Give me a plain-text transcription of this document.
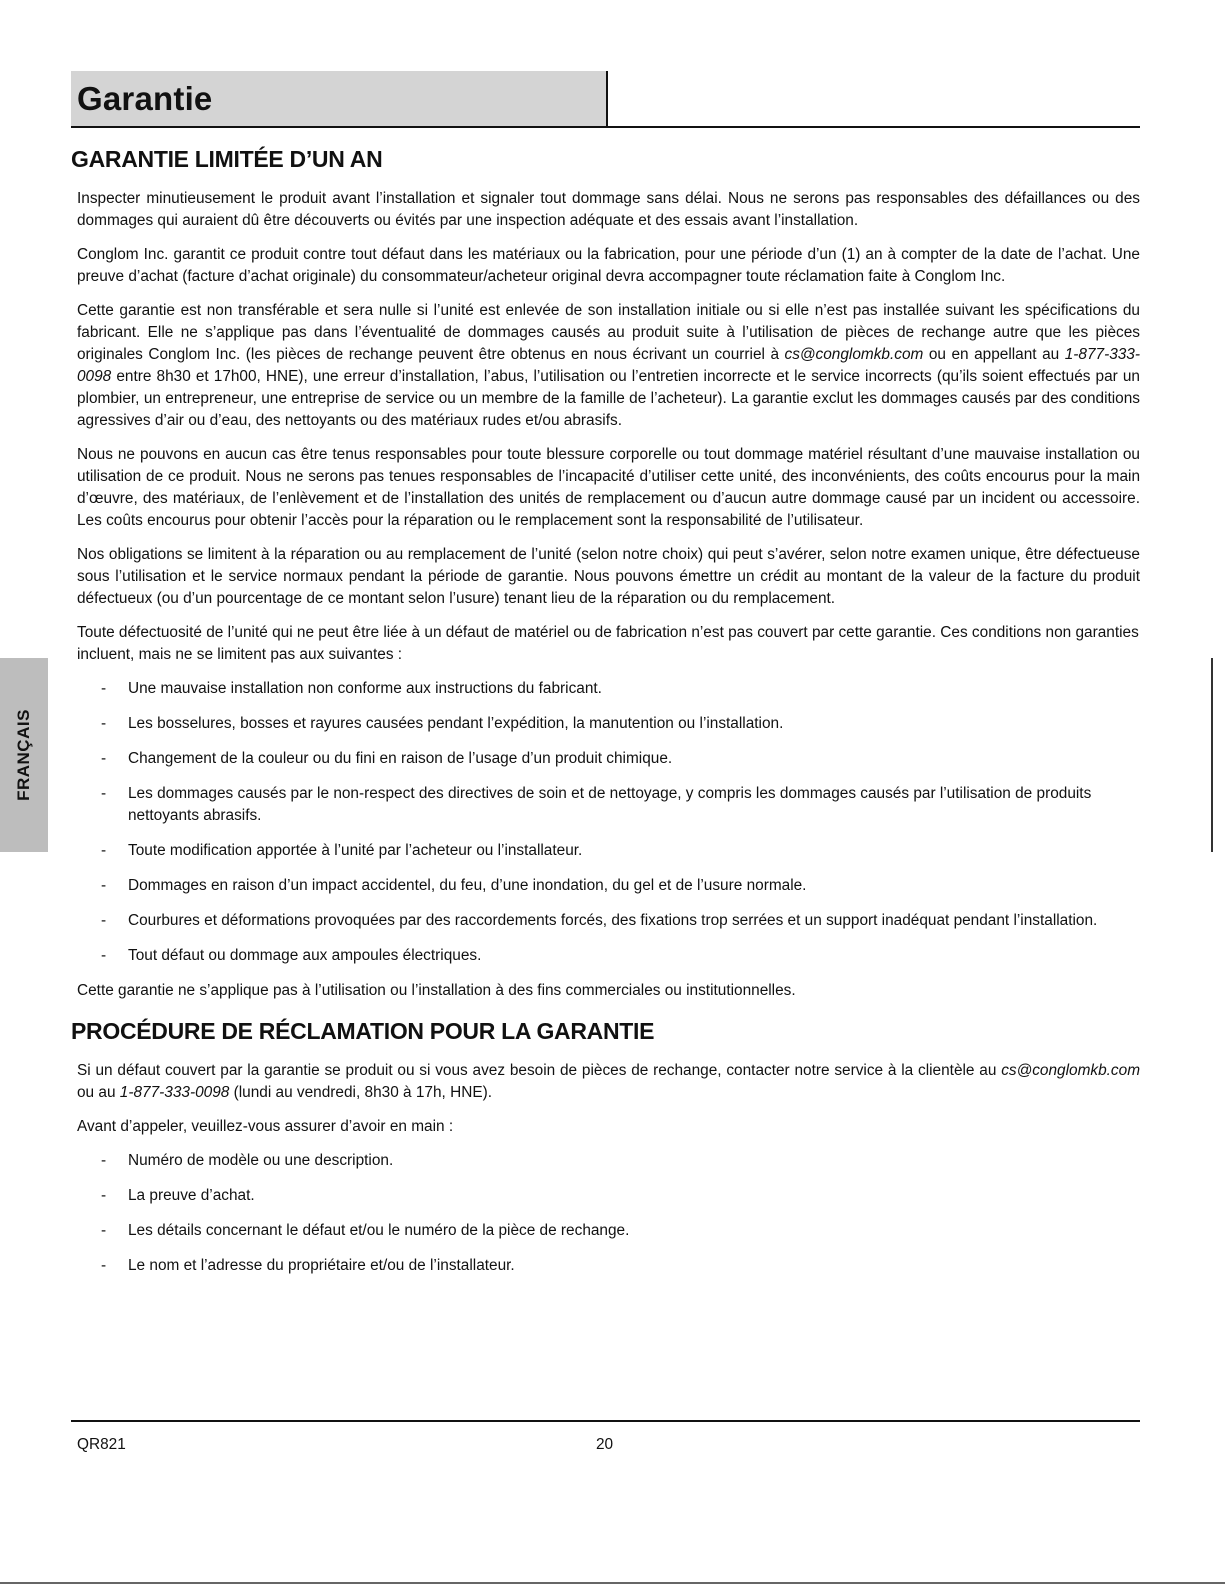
Garantie
FRANÇAIS
GARANTIE LIMITÉE D’UN AN

Inspecter minutieusement le produit avant l’installation et signaler tout dommage sans délai. Nous ne serons pas responsables des défaillances ou des dommages qui auraient dû être découverts ou évités par une inspection adéquate et des essais avant l’installation.

Conglom Inc. garantit ce produit contre tout défaut dans les matériaux ou la fabrication, pour une période d’un (1) an à compter de la date de l’achat. Une preuve d’achat (facture d’achat originale) du consommateur/acheteur original devra accompagner toute réclamation faite à Conglom Inc.

Cette garantie est non transférable et sera nulle si l’unité est enlevée de son installation initiale ou si elle n’est pas installée suivant les spécifications du fabricant. Elle ne s’applique pas dans l’éventualité de dommages causés au produit suite à l’utilisation de pièces de rechange autre que les pièces originales Conglom Inc. (les pièces de rechange peuvent être obtenus en nous écrivant un courriel à cs@conglomkb.com ou en appellant au 1-877-333-0098 entre 8h30 et 17h00, HNE), une erreur d’installation, l’abus, l’utilisation ou l’entretien incorrecte et le service incorrects (qu’ils soient effectués par un plombier, un entrepreneur, une entreprise de service ou un membre de la famille de l’acheteur). La garantie exclut les dommages causés par des conditions agressives d’air ou d’eau, des nettoyants ou des matériaux rudes et/ou abrasifs.

Nous ne pouvons en aucun cas être tenus responsables pour toute blessure corporelle ou tout dommage matériel résultant d’une mauvaise installation ou utilisation de ce produit. Nous ne serons pas tenues responsables de l’incapacité d’utiliser cette unité, des inconvénients, des coûts encourus pour la main d’œuvre, des matériaux, de l’enlèvement et de l’installation des unités de remplacement ou d’aucun autre dommage causé par un incident ou accessoire. Les coûts encourus pour obtenir l’accès pour la réparation ou le remplacement sont la responsabilité de l’utilisateur.

Nos obligations se limitent à la réparation ou au remplacement de l’unité (selon notre choix) qui peut s’avérer, selon notre examen unique, être défectueuse sous l’utilisation et le service normaux pendant la période de garantie. Nous pouvons émettre un crédit au montant de la valeur de la facture du produit défectueux (ou d’un pourcentage de ce montant selon l’usure) tenant lieu de la réparation ou du remplacement.

Toute défectuosité de l’unité qui ne peut être liée à un défaut de matériel ou de fabrication n’est pas couvert par cette garantie. Ces conditions non garanties incluent, mais ne se limitent pas aux suivantes :

- Une mauvaise installation non conforme aux instructions du fabricant.
- Les bosselures, bosses et rayures causées pendant l’expédition, la manutention ou l’installation.
- Changement de la couleur ou du fini en raison de l’usage d’un produit chimique.
- Les dommages causés par le non-respect des directives de soin et de nettoyage, y compris les dommages causés par l’utilisation de produits nettoyants abrasifs.
- Toute modification apportée à l’unité par l’acheteur ou l’installateur.
- Dommages en raison d’un impact accidentel, du feu, d’une inondation, du gel et de l’usure normale.
- Courbures et déformations provoquées par des raccordements forcés, des fixations trop serrées et un support inadéquat pendant l’installation.
- Tout défaut ou dommage aux ampoules électriques.

Cette garantie ne s’applique pas à l’utilisation ou l’installation à des fins commerciales ou institutionnelles.

PROCÉDURE DE RÉCLAMATION POUR LA GARANTIE

Si un défaut couvert par la garantie se produit ou si vous avez besoin de pièces de rechange, contacter notre service à la clientèle au cs@conglomkb.com ou au 1-877-333-0098 (lundi au vendredi, 8h30 à 17h, HNE).

Avant d’appeler, veuillez-vous assurer d’avoir en main :

- Numéro de modèle ou une description.
- La preuve d’achat.
- Les détails concernant le défaut et/ou le numéro de la pièce de rechange.
- Le nom et l’adresse du propriétaire et/ou de l’installateur.
QR821	20
